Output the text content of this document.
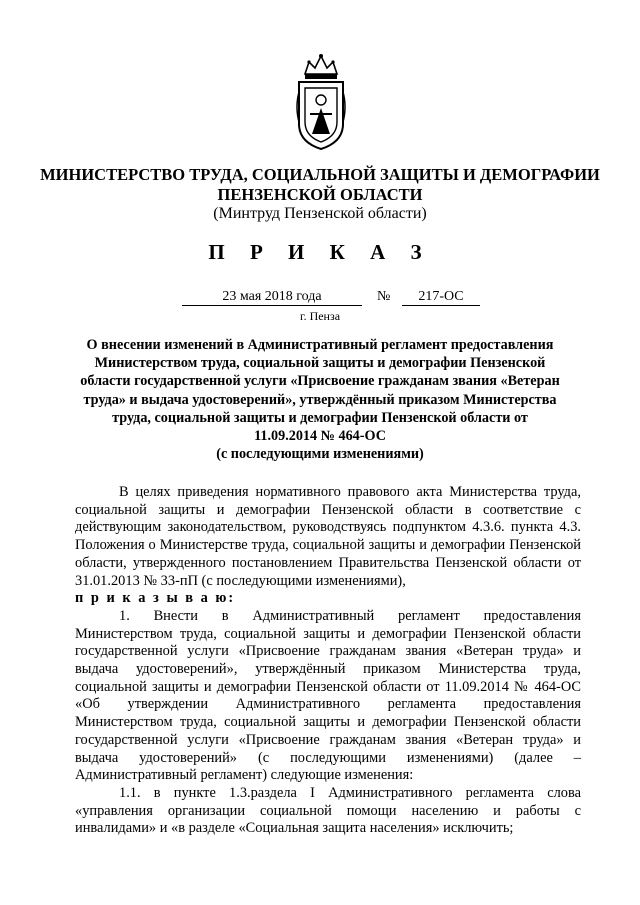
МИНИСТЕРСТВО ТРУДА, СОЦИАЛЬНОЙ ЗАЩИТЫ И ДЕМОГРАФИИ
ПЕНЗЕНСКОЙ ОБЛАСТИ
(Минтруд Пензенской области)
П Р И К А З
23 мая 2018 года	№	217-ОС
г. Пенза
О внесении изменений в Административный регламент предоставления Министерством труда, социальной защиты и демографии Пензенской области государственной услуги «Присвоение гражданам звания «Ветеран труда» и выдача удостоверений», утверждённый приказом Министерства труда, социальной защиты и демографии Пензенской области от 11.09.2014 № 464-ОС
(с последующими изменениями)

В целях приведения нормативного правового акта Министерства труда, социальной защиты и демографии Пензенской области в соответствие с действующим законодательством, руководствуясь подпунктом 4.3.6. пункта 4.3. Положения о Министерстве труда, социальной защиты и демографии Пензенской области, утвержденного постановлением Правительства Пензенской области от 31.01.2013 № 33-пП (с последующими изменениями),

п р и к а з ы в а ю:

1. Внести в Административный регламент предоставления Министерством труда, социальной защиты и демографии Пензенской области государственной услуги «Присвоение гражданам звания «Ветеран труда» и выдача удостоверений», утверждённый приказом Министерства труда, социальной защиты и демографии Пензенской области от 11.09.2014 № 464-ОС «Об утверждении Административного регламента предоставления Министерством труда, социальной защиты и демографии Пензенской области государственной услуги «Присвоение гражданам звания «Ветеран труда» и выдача удостоверений» (с последующими изменениями) (далее – Административный регламент) следующие изменения:

1.1. в пункте 1.3.раздела I Административного регламента слова «управления организации социальной помощи населению и работы с инвалидами» и «в разделе «Социальная защита населения» исключить;
